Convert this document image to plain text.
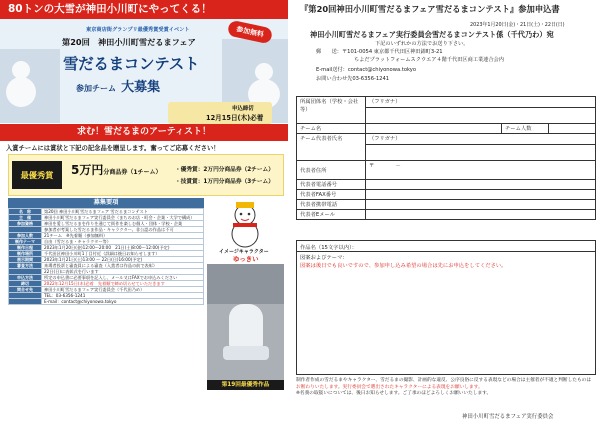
80トンの大雪が神田小川町にやってくる！
東京商店街グランプリ最優秀賞受賞イベント
第20回　神田小川町雪だるまフェア
雪だるまコンテスト
参加チーム 大募集
参加無料
申込締切
12月15日(木)必着
求む！雪だるまのアーティスト！
入賞チームには賞状と下記の記念品を贈呈します。奮ってご応募ください！
最優秀賞	5万円分商品券（1チーム） ・優秀賞：2万円分商品券（2チーム）
・技賞賞：1万円分商品券（3チーム）
募集要項
名　称	第20回 神田小川町雪だるまフェア 雪だるまコンテスト
主　催	神田小川町雪だるまフェア実行委員会（まちのお店・町会・企業・大学で構成）
参加資格	神田を愛し雪だるまを作りを通じて街作を楽しむ個人・団体・学校・企業
	参加者が考案した雪だるま作品・キャラクター。非公認の作品は不可
参加人数	21チーム　※先着順（参加無料）
制作テーマ	自由（雪だるま・キャラクター等）
制作日程	2023年1月20日(金)12:00〜20:00　21日(土)8:00〜12:00(予定)
制作場所	千代田区神田小川町1丁目付近（詳細は後日お知らせします）
展示期間	2023年1月21日(土)13:00 〜 22日(日)16:00(予定)
審査方法	来場者投票と審査員による審査（入賞者は作品の前で表彰）
	22日(日)に表彰式を行います
申込方法	所定の申込書に必要事項を記入し、メール又はFAXでお申込みください
締切	2022年12月15日(木)必着　先着順で締め切らせていただきます
問合せ先	神田小川町雪だるまフェア実行委員会（千代田乃め）
	TEL：03-6356-1241
	E-mail：contact@chiyonowa.tokyo
イメージキャラクター
ゆっきい
第19回最優秀作品
『第20回神田小川町雪だるまフェア雪だるまコンテスト』参加申込書
2023年1月20日(金)・21日(土)・22日(日)
神田小川町雪だるまフェア実行委員会雪だるまコンテスト係（千代乃わ）宛
下記のいずれかの方法でお送り下さい。
郵　　送：〒101-0054 東京都千代田区神田錦町3-21
ちよだプラットフォームスクウエア４階千代田区商工業連合会内
E-mail送付：contact@chiyonowa.tokyo
お問い合わせ先03-6356-1241
所属団体名（学校・会社等）	（フリガナ）		

チーム名		チーム人数	
チーム代表者氏名	（フリガナ）		

代表者住所	〒　　　　－		
代表者電話番号			
代表者FAX番号			
代表者携帯電話			
代表者Eメール			
作品名（15文字以内）：
図案およびテーマ：
図案は後日でも良いですので、参加申し込み希望の場合は先にお申込をしてください。
制作者作成の雪だるまやキャラクター、雪だるまの撮影、計画的な違反、公序良俗に反する表現などの場合は主催者が不適と判断したものは
お断わりいたします。実行委員会で選出されたキャラクターによる表現をお願いします。
※名義の取扱いについては、後日お知らせします。ご了承のほどよろしくお願いいたします。
神田小川町雪だるまフェア実行委員会
